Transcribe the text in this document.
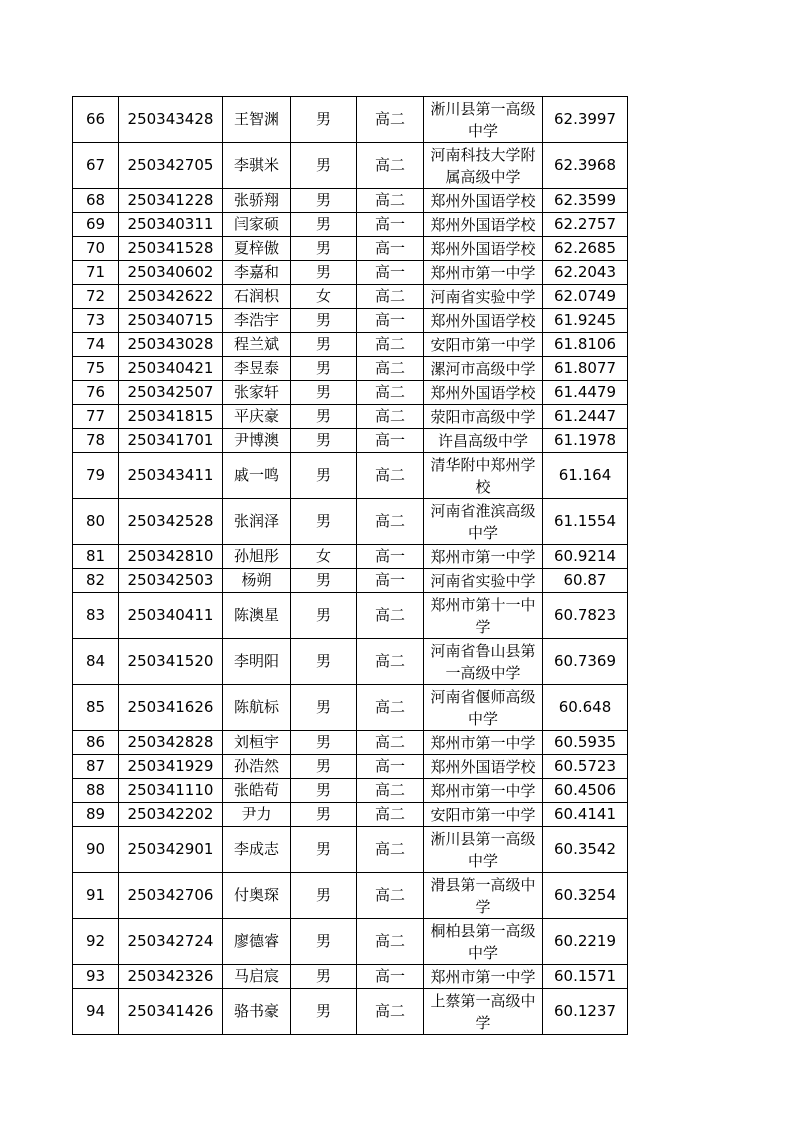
66	250343428	王智渊	男	高二	淅川县第一高级中学	62.3997
67	250342705	李骐米	男	高二	河南科技大学附属高级中学	62.3968
68	250341228	张骄翔	男	高二	郑州外国语学校	62.3599
69	250340311	闫家硕	男	高一	郑州外国语学校	62.2757
70	250341528	夏梓傲	男	高一	郑州外国语学校	62.2685
71	250340602	李嘉和	男	高一	郑州市第一中学	62.2043
72	250342622	石润枳	女	高二	河南省实验中学	62.0749
73	250340715	李浩宇	男	高一	郑州外国语学校	61.9245
74	250343028	程兰斌	男	高二	安阳市第一中学	61.8106
75	250340421	李昱泰	男	高二	漯河市高级中学	61.8077
76	250342507	张家轩	男	高二	郑州外国语学校	61.4479
77	250341815	平庆豪	男	高二	荥阳市高级中学	61.2447
78	250341701	尹博澳	男	高一	许昌高级中学	61.1978
79	250343411	戚一鸣	男	高二	清华附中郑州学校	61.164
80	250342528	张润泽	男	高二	河南省淮滨高级中学	61.1554
81	250342810	孙旭彤	女	高一	郑州市第一中学	60.9214
82	250342503	杨朔	男	高一	河南省实验中学	60.87
83	250340411	陈澳星	男	高二	郑州市第十一中学	60.7823
84	250341520	李明阳	男	高二	河南省鲁山县第一高级中学	60.7369
85	250341626	陈航标	男	高二	河南省偃师高级中学	60.648
86	250342828	刘桓宇	男	高二	郑州市第一中学	60.5935
87	250341929	孙浩然	男	高一	郑州外国语学校	60.5723
88	250341110	张皓荀	男	高二	郑州市第一中学	60.4506
89	250342202	尹力	男	高二	安阳市第一中学	60.4141
90	250342901	李成志	男	高二	淅川县第一高级中学	60.3542
91	250342706	付奥琛	男	高二	滑县第一高级中学	60.3254
92	250342724	廖德睿	男	高二	桐柏县第一高级中学	60.2219
93	250342326	马启宸	男	高一	郑州市第一中学	60.1571
94	250341426	骆书豪	男	高二	上蔡第一高级中学	60.1237
